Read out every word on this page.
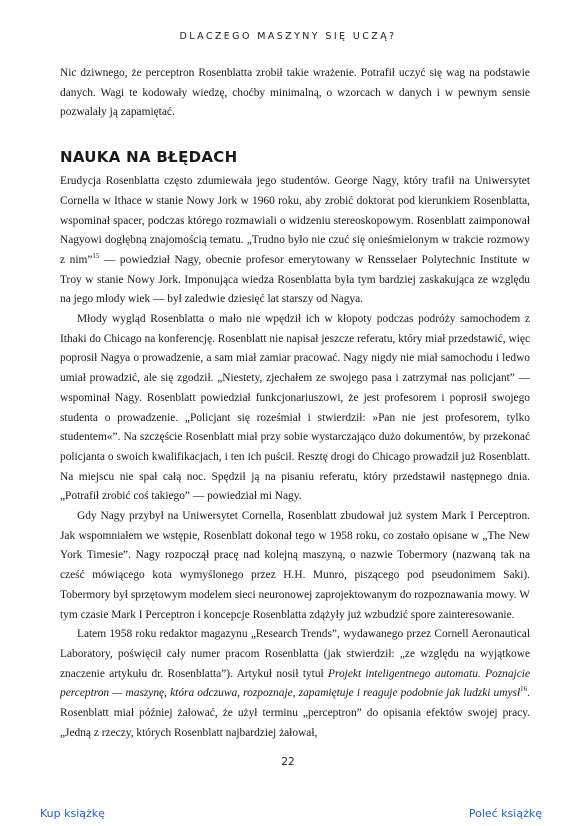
DLACZEGO MASZYNY SIĘ UCZĄ?

Nic dziwnego, że perceptron Rosenblatta zrobił takie wrażenie. Potrafił uczyć się wag na podstawie danych. Wagi te kodowały wiedzę, choćby minimalną, o wzorcach w danych i w pewnym sensie pozwalały ją zapamiętać.

NAUKA NA BŁĘDACH

Erudycja Rosenblatta często zdumiewała jego studentów. George Nagy, który trafił na Uniwersytet Cornella w Ithace w stanie Nowy Jork w 1960 roku, aby zrobić doktorat pod kierunkiem Rosenblatta, wspominał spacer, podczas którego rozmawiali o widzeniu stereoskopowym. Rosenblatt zaimponował Nagyowi dogłębną znajomością tematu. „Trudno było nie czuć się onieśmielonym w trakcie rozmowy z nim”$^{15}$ — powiedział Nagy, obecnie profesor emerytowany w Rensselaer Polytechnic Institute w Troy w stanie Nowy Jork. Imponująca wiedza Rosenblatta była tym bardziej zaskakująca ze względu na jego młody wiek — był zaledwie dziesięć lat starszy od Nagya.

Młody wygląd Rosenblatta o mało nie wpędził ich w kłopoty podczas podróży samochodem z Ithaki do Chicago na konferencję. Rosenblatt nie napisał jeszcze referatu, który miał przedstawić, więc poprosił Nagya o prowadzenie, a sam miał zamiar pracować. Nagy nigdy nie miał samochodu i ledwo umiał prowadzić, ale się zgodził. „Niestety, zjechałem ze swojego pasa i zatrzymał nas policjant” — wspominał Nagy. Rosenblatt powiedział funkcjonariuszowi, że jest profesorem i poprosił swojego studenta o prowadzenie. „Policjant się roześmiał i stwierdził: »Pan nie jest profesorem, tylko studentem«”. Na szczęście Rosenblatt miał przy sobie wystarczająco dużo dokumentów, by przekonać policjanta o swoich kwalifikacjach, i ten ich puścił. Resztę drogi do Chicago prowadził już Rosenblatt. Na miejscu nie spał całą noc. Spędził ją na pisaniu referatu, który przedstawił następnego dnia. „Potrafił zrobić coś takiego” — powiedział mi Nagy.

Gdy Nagy przybył na Uniwersytet Cornella, Rosenblatt zbudował już system Mark I Perceptron. Jak wspomniałem we wstępie, Rosenblatt dokonał tego w 1958 roku, co zostało opisane w „The New York Timesie”. Nagy rozpoczął pracę nad kolejną maszyną, o nazwie Tobermory (nazwaną tak na cześć mówiącego kota wymyślonego przez H.H. Munro, piszącego pod pseudonimem Saki). Tobermory był sprzętowym modelem sieci neuronowej zaprojektowanym do rozpoznawania mowy. W tym czasie Mark I Perceptron i koncepcje Rosenblatta zdążyły już wzbudzić spore zainteresowanie.

Latem 1958 roku redaktor magazynu „Research Trends”, wydawanego przez Cornell Aeronautical Laboratory, poświęcił cały numer pracom Rosenblatta (jak stwierdził: „ze względu na wyjątkowe znaczenie artykułu dr. Rosenblatta”). Artykuł nosił tytuł Projekt inteligentnego automatu. Poznajcie perceptron — maszynę, która odczuwa, rozpoznaje, zapamiętuje i reaguje podobnie jak ludzki umysł$^{16}$. Rosenblatt miał później żałować, że użył terminu „perceptron” do opisania efektów swojej pracy. „Jedną z rzeczy, których Rosenblatt najbardziej żałował,

22
Kup książkę	Poleć książkę
